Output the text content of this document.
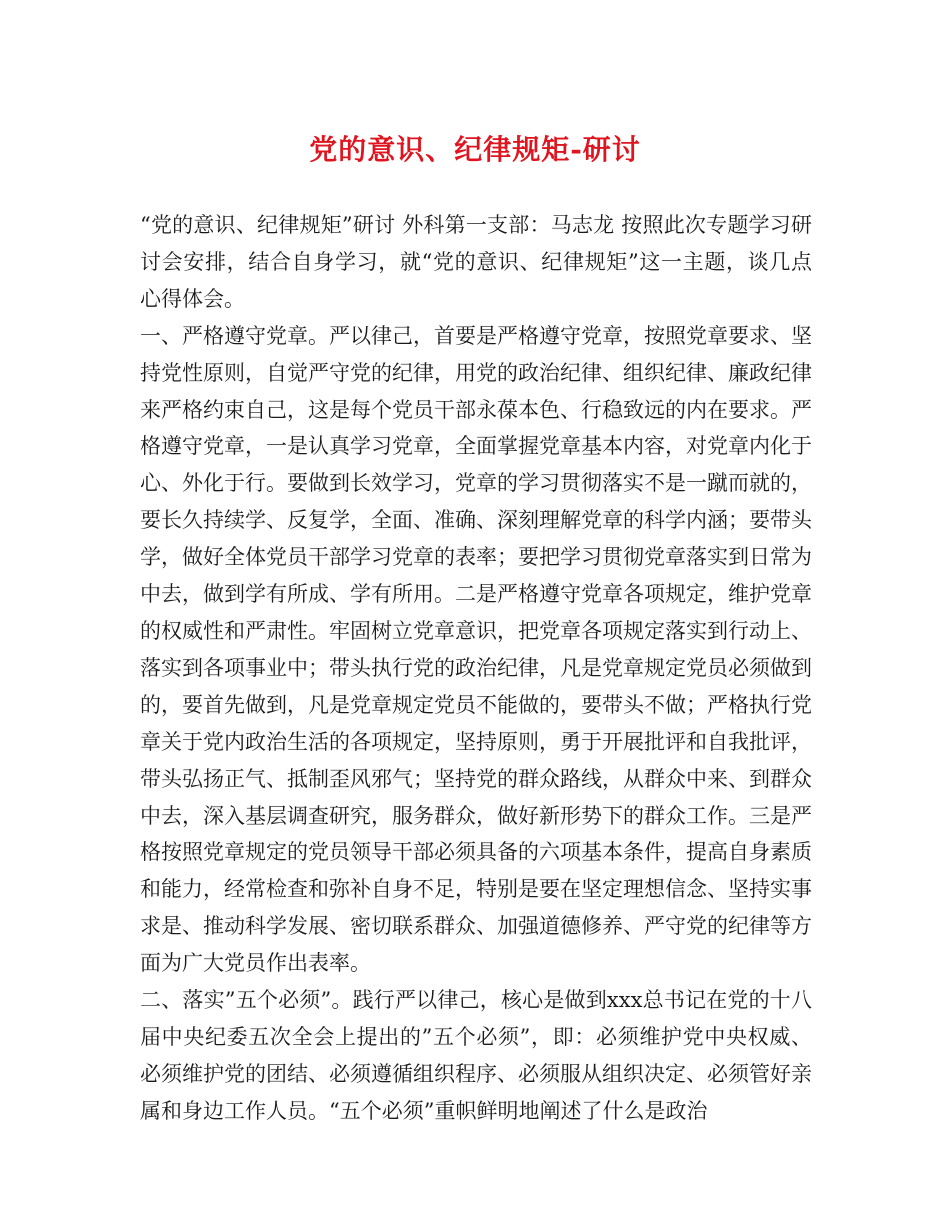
党的意识、纪律规矩-研讨

“党的意识、纪律规矩”研讨 外科第一支部：马志龙 按照此次专题学习研讨会安排，结合自身学习，就“党的意识、纪律规矩”这一主题，谈几点心得体会。

一、严格遵守党章。严以律己，首要是严格遵守党章，按照党章要求、坚持党性原则，自觉严守党的纪律，用党的政治纪律、组织纪律、廉政纪律来严格约束自己，这是每个党员干部永葆本色、行稳致远的内在要求。严格遵守党章，一是认真学习党章，全面掌握党章基本内容，对党章内化于心、外化于行。要做到长效学习，党章的学习贯彻落实不是一蹴而就的，要长久持续学、反复学，全面、准确、深刻理解党章的科学内涵；要带头学，做好全体党员干部学习党章的表率；要把学习贯彻党章落实到日常为中去，做到学有所成、学有所用。二是严格遵守党章各项规定，维护党章的权威性和严肃性。牢固树立党章意识，把党章各项规定落实到行动上、落实到各项事业中；带头执行党的政治纪律，凡是党章规定党员必须做到的，要首先做到，凡是党章规定党员不能做的，要带头不做；严格执行党章关于党内政治生活的各项规定，坚持原则，勇于开展批评和自我批评，带头弘扬正气、抵制歪风邪气；坚持党的群众路线，从群众中来、到群众中去，深入基层调查研究，服务群众，做好新形势下的群众工作。三是严格按照党章规定的党员领导干部必须具备的六项基本条件，提高自身素质和能力，经常检查和弥补自身不足，特别是要在坚定理想信念、坚持实事求是、推动科学发展、密切联系群众、加强道德修养、严守党的纪律等方面为广大党员作出表率。

二、落实”五个必须”。践行严以律己，核心是做到xxx总书记在党的十八届中央纪委五次全会上提出的”五个必须”，即：必须维护党中央权威、必须维护党的团结、必须遵循组织程序、必须服从组织决定、必须管好亲属和身边工作人员。“五个必须”重帜鲜明地阐述了什么是政治
